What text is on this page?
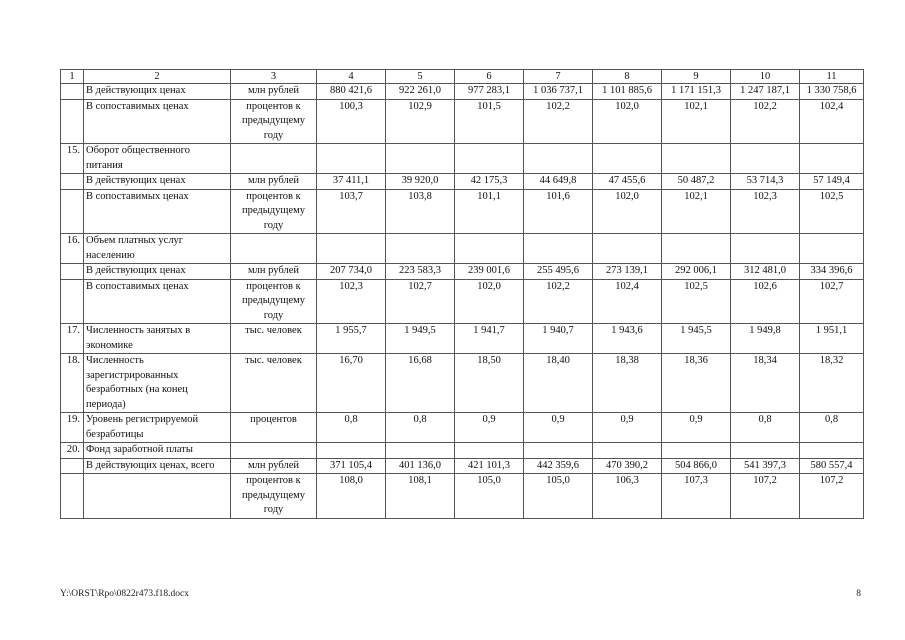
1	2	3	4	5	6	7	8	9	10	11
	В действующих ценах	млн рублей	880 421,6	922 261,0	977 283,1	1 036 737,1	1 101 885,6	1 171 151,3	1 247 187,1	1 330 758,6
	В сопоставимых ценах	процентов к предыдущему году	100,3	102,9	101,5	102,2	102,0	102,1	102,2	102,4
15.	Оборот общественного питания									
	В действующих ценах	млн рублей	37 411,1	39 920,0	42 175,3	44 649,8	47 455,6	50 487,2	53 714,3	57 149,4
	В сопоставимых ценах	процентов к предыдущему году	103,7	103,8	101,1	101,6	102,0	102,1	102,3	102,5
16.	Объем платных услуг населению									
	В действующих ценах	млн рублей	207 734,0	223 583,3	239 001,6	255 495,6	273 139,1	292 006,1	312 481,0	334 396,6
	В сопоставимых ценах	процентов к предыдущему году	102,3	102,7	102,0	102,2	102,4	102,5	102,6	102,7
17.	Численность занятых в экономике	тыс. человек	1 955,7	1 949,5	1 941,7	1 940,7	1 943,6	1 945,5	1 949,8	1 951,1
18.	Численность зарегистрированных безработных (на конец периода)	тыс. человек	16,70	16,68	18,50	18,40	18,38	18,36	18,34	18,32
19.	Уровень регистрируемой безработицы	процентов	0,8	0,8	0,9	0,9	0,9	0,9	0,8	0,8
20.	Фонд заработной платы									
	В действующих ценах, всего	млн рублей	371 105,4	401 136,0	421 101,3	442 359,6	470 390,2	504 866,0	541 397,3	580 557,4
		процентов к предыдущему году	108,0	108,1	105,0	105,0	106,3	107,3	107,2	107,2
Y:\ORST\Rpo\0822r473.f18.docx	8
